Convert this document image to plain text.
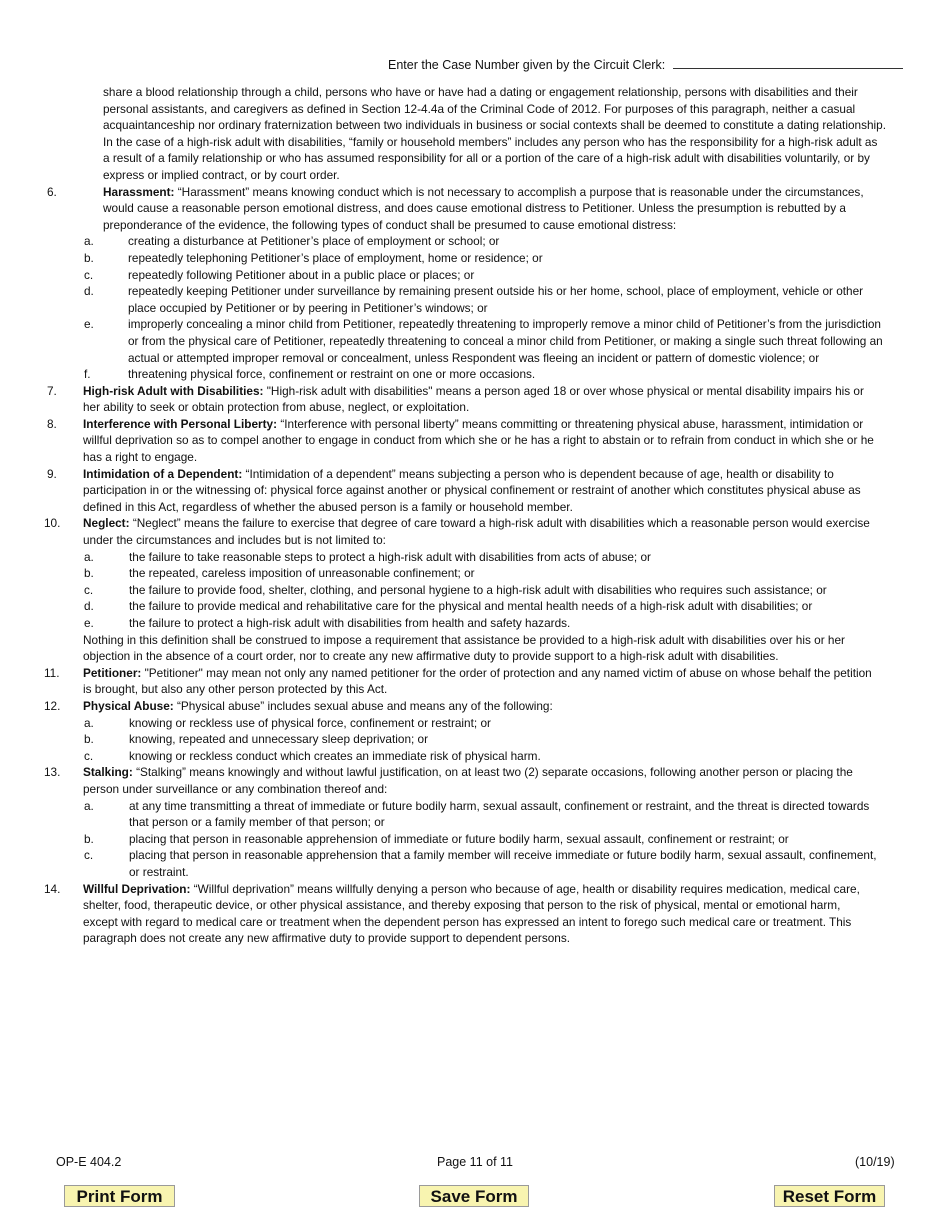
Enter the Case Number given by the Circuit Clerk:

share a blood relationship through a child, persons who have or have had a dating or engagement relationship, persons with disabilities and their personal assistants, and caregivers as defined in Section 12-4.4a of the Criminal Code of 2012. For purposes of this paragraph, neither a casual acquaintanceship nor ordinary fraternization between two individuals in business or social contexts shall be deemed to constitute a dating relationship. In the case of a high-risk adult with disabilities, “family or household members” includes any person who has the responsibility for a high-risk adult as a result of a family relationship or who has assumed responsibility for all or a portion of the care of a high-risk adult with disabilities voluntarily, or by express or implied contract, or by court order.

6.	Harassment: “Harassment” means knowing conduct which is not necessary to accomplish a purpose that is reasonable under the circumstances, would cause a reasonable person emotional distress, and does cause emotional distress to Petitioner. Unless the presumption is rebutted by a preponderance of the evidence, the following types of conduct shall be presumed to cause emotional distress:
a.	creating a disturbance at Petitioner’s place of employment or school; or
b.	repeatedly telephoning Petitioner’s place of employment, home or residence; or
c.	repeatedly following Petitioner about in a public place or places; or
d.	repeatedly keeping Petitioner under surveillance by remaining present outside his or her home, school, place of employment, vehicle or other place occupied by Petitioner or by peering in Petitioner’s windows; or
e.	improperly concealing a minor child from Petitioner, repeatedly threatening to improperly remove a minor child of Petitioner’s from the jurisdiction or from the physical care of Petitioner, repeatedly threatening to conceal a minor child from Petitioner, or making a single such threat following an actual or attempted improper removal or concealment, unless Respondent was fleeing an incident or pattern of domestic violence; or
f.	threatening physical force, confinement or restraint on one or more occasions.
7. High-risk Adult with Disabilities: "High-risk adult with disabilities" means a person aged 18 or over whose physical or mental disability impairs his or her ability to seek or obtain protection from abuse, neglect, or exploitation.
8. Interference with Personal Liberty: “Interference with personal liberty” means committing or threatening physical abuse, harassment, intimidation or willful deprivation so as to compel another to engage in conduct from which she or he has a right to abstain or to refrain from conduct in which she or he has a right to engage.
9. Intimidation of a Dependent: “Intimidation of a dependent” means subjecting a person who is dependent because of age, health or disability to participation in or the witnessing of: physical force against another or physical confinement or restraint of another which constitutes physical abuse as defined in this Act, regardless of whether the abused person is a family or household member.
10. Neglect: “Neglect” means the failure to exercise that degree of care toward a high-risk adult with disabilities which a reasonable person would exercise under the circumstances and includes but is not limited to:
a.	the failure to take reasonable steps to protect a high-risk adult with disabilities from acts of abuse; or
b.	the repeated, careless imposition of unreasonable confinement; or
c.	the failure to provide food, shelter, clothing, and personal hygiene to a high-risk adult with disabilities who requires such assistance; or
d.	the failure to provide medical and rehabilitative care for the physical and mental health needs of a high-risk adult with disabilities; or
e.	the failure to protect a high-risk adult with disabilities from health and safety hazards.
Nothing in this definition shall be construed to impose a requirement that assistance be provided to a high-risk adult with disabilities over his or her objection in the absence of a court order, nor to create any new affirmative duty to provide support to a high-risk adult with disabilities.
11. Petitioner: "Petitioner" may mean not only any named petitioner for the order of protection and any named victim of abuse on whose behalf the petition is brought, but also any other person protected by this Act.
12. Physical Abuse: “Physical abuse” includes sexual abuse and means any of the following:
a.	knowing or reckless use of physical force, confinement or restraint; or
b.	knowing, repeated and unnecessary sleep deprivation; or
c.	knowing or reckless conduct which creates an immediate risk of physical harm.
13. Stalking: “Stalking” means knowingly and without lawful justification, on at least two (2) separate occasions, following another person or placing the person under surveillance or any combination thereof and:
a.	at any time transmitting a threat of immediate or future bodily harm, sexual assault, confinement or restraint, and the threat is directed towards that person or a family member of that person; or
b.	placing that person in reasonable apprehension of immediate or future bodily harm, sexual assault, confinement or restraint; or
c.	placing that person in reasonable apprehension that a family member will receive immediate or future bodily harm, sexual assault, confinement, or restraint.
14. Willful Deprivation: “Willful deprivation” means willfully denying a person who because of age, health or disability requires medication, medical care, shelter, food, therapeutic device, or other physical assistance, and thereby exposing that person to the risk of physical, mental or emotional harm, except with regard to medical care or treatment when the dependent person has expressed an intent to forego such medical care or treatment. This paragraph does not create any new affirmative duty to provide support to dependent persons.
OP-E 404.2	Page 11 of 11	(10/19)
Print Form	Save Form	Reset Form
